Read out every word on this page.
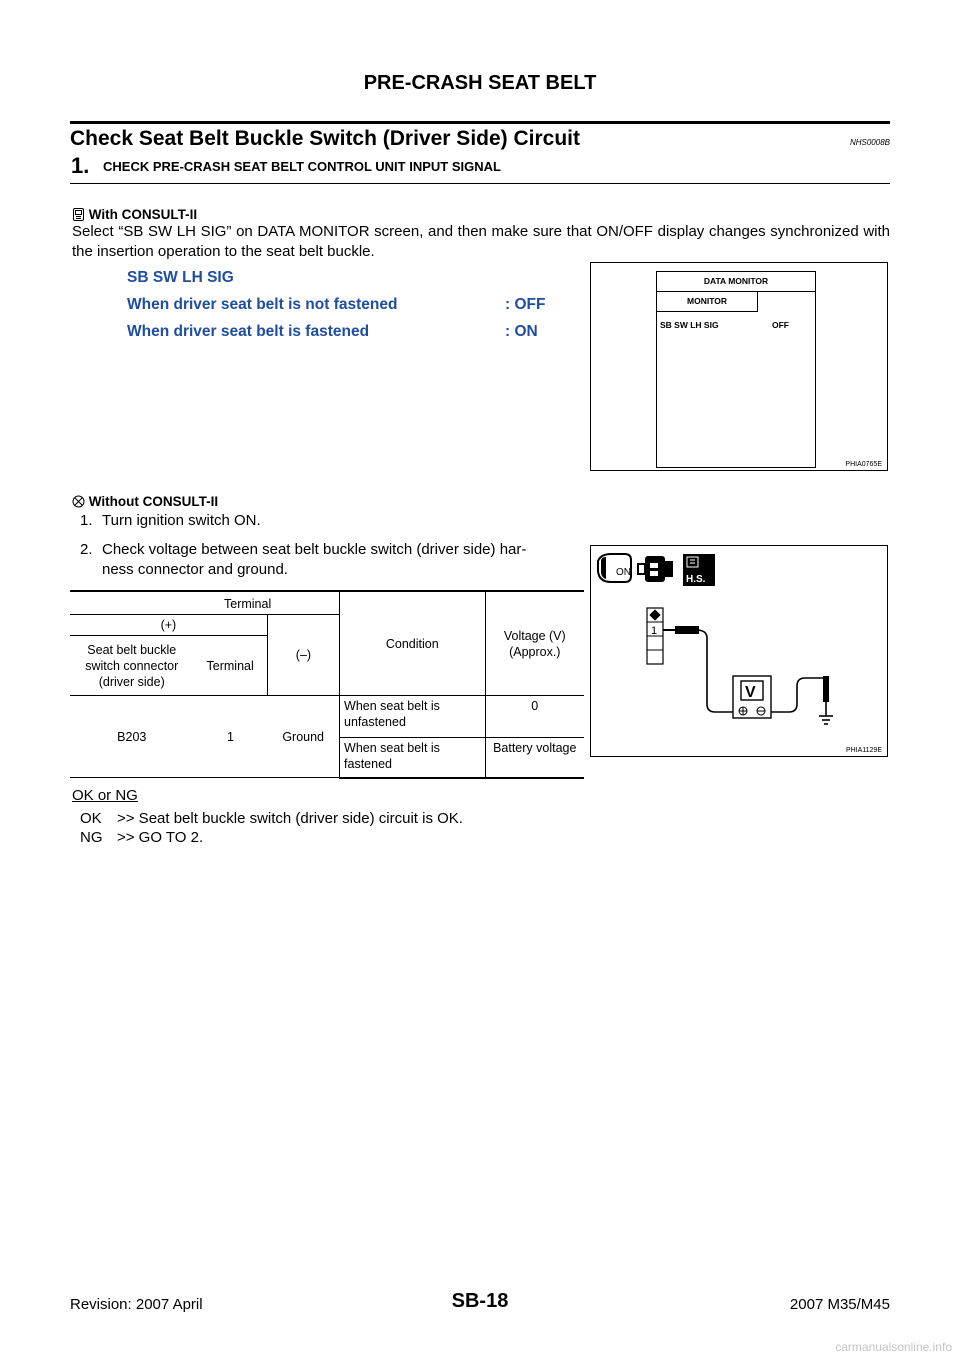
PRE-CRASH SEAT BELT
Check Seat Belt Buckle Switch (Driver Side) Circuit	NHS0008B
1. CHECK PRE-CRASH SEAT BELT CONTROL UNIT INPUT SIGNAL
With CONSULT-II
Select “SB SW LH SIG” on DATA MONITOR screen, and then make sure that ON/OFF display changes synchronized with the insertion operation to the seat belt buckle.
SB SW LH SIG
When driver seat belt is not fastened	: OFF
When driver seat belt is fastened	: ON
DATA MONITOR
MONITOR
SB SW LH SIG	OFF
PHIA0765E
Without CONSULT-II
1. Turn ignition switch ON.
2. Check voltage between seat belt buckle switch (driver side) har-
ness connector and ground.	ON
H.S.
1
V
PHIA1129E
Terminal			Condition	Voltage (V) (Approx.)
(+)		(–)		
Seat belt buckle switch connector (driver side)	Terminal			
B203	1	Ground	When seat belt is unfastened	0
			When seat belt is fastened	Battery voltage
OK or NG
OK >> Seat belt buckle switch (driver side) circuit is OK.
NG >> GO TO 2.
SB-18
Revision: 2007 April	2007 M35/M45
carmanualsonline.info
